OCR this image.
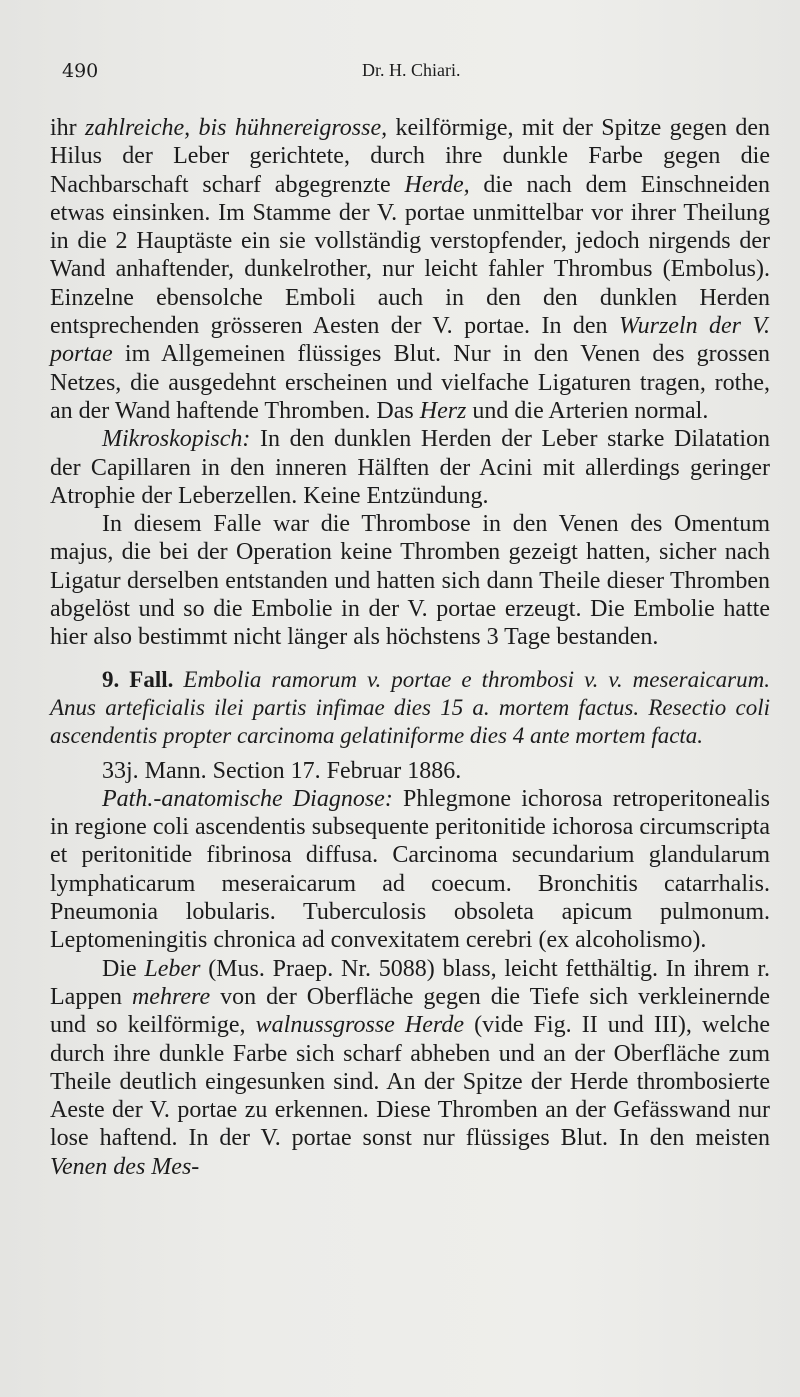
490	Dr. H. Chiari.

ihr zahlreiche, bis hühnereigrosse, keilförmige, mit der Spitze gegen den Hilus der Leber gerichtete, durch ihre dunkle Farbe gegen die Nachbarschaft scharf abgegrenzte Herde, die nach dem Einschneiden etwas einsinken. Im Stamme der V. portae unmittelbar vor ihrer Theilung in die 2 Hauptäste ein sie vollständig verstopfender, jedoch nirgends der Wand anhaftender, dunkelrother, nur leicht fahler Thrombus (Embolus). Einzelne ebensolche Emboli auch in den den dunklen Herden entsprechenden grösseren Aesten der V. portae. In den Wurzeln der V. portae im Allgemeinen flüssiges Blut. Nur in den Venen des grossen Netzes, die ausgedehnt erscheinen und vielfache Ligaturen tragen, rothe, an der Wand haftende Thromben. Das Herz und die Arterien normal.

Mikroskopisch: In den dunklen Herden der Leber starke Dilatation der Capillaren in den inneren Hälften der Acini mit allerdings geringer Atrophie der Leberzellen. Keine Entzündung.

In diesem Falle war die Thrombose in den Venen des Omentum majus, die bei der Operation keine Thromben gezeigt hatten, sicher nach Ligatur derselben entstanden und hatten sich dann Theile dieser Thromben abgelöst und so die Embolie in der V. portae erzeugt. Die Embolie hatte hier also bestimmt nicht länger als höchstens 3 Tage bestanden.

9. Fall. Embolia ramorum v. portae e thrombosi v. v. meseraicarum. Anus arteficialis ilei partis infimae dies 15 a. mortem factus. Resectio coli ascendentis propter carcinoma gelatiniforme dies 4 ante mortem facta.

33j. Mann. Section 17. Februar 1886.

Path.-anatomische Diagnose: Phlegmone ichorosa retroperitonealis in regione coli ascendentis subsequente peritonitide ichorosa circumscripta et peritonitide fibrinosa diffusa. Carcinoma secundarium glandularum lymphaticarum meseraicarum ad coecum. Bronchitis catarrhalis. Pneumonia lobularis. Tuberculosis obsoleta apicum pulmonum. Leptomeningitis chronica ad convexitatem cerebri (ex alcoholismo).

Die Leber (Mus. Praep. Nr. 5088) blass, leicht fetthältig. In ihrem r. Lappen mehrere von der Oberfläche gegen die Tiefe sich verkleinernde und so keilförmige, walnussgrosse Herde (vide Fig. II und III), welche durch ihre dunkle Farbe sich scharf abheben und an der Oberfläche zum Theile deutlich eingesunken sind. An der Spitze der Herde thrombosierte Aeste der V. portae zu erkennen. Diese Thromben an der Gefässwand nur lose haftend. In der V. portae sonst nur flüssiges Blut. In den meisten Venen des Mes-
